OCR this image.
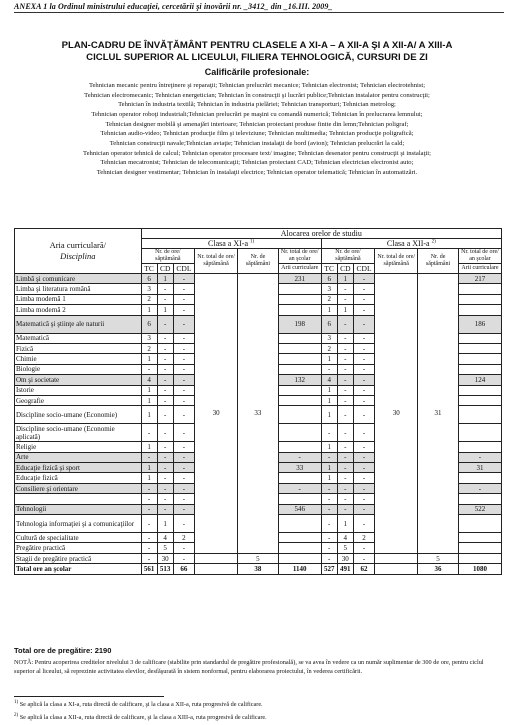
ANEXA 1 la Ordinul ministrului educaţiei, cercetării şi inovării nr. _3412_ din _16.III. 2009_
PLAN-CADRU DE ÎNVĂŢĂMÂNT PENTRU CLASELE A XI-A – A XII-A ŞI A XII-A/ A XIII-A
CICLUL SUPERIOR AL LICEULUI, FILIERA TEHNOLOGICĂ, CURSURI DE ZI
Calificările profesionale:
Tehnician mecanic pentru întreţinere şi reparaţii; Tehnician prelucrări mecanice; Tehnician electronist; Tehnician electrotehnist;
Tehnician electromecanic; Tehnician energetician; Tehnician în construcţii şi lucrări publice;Tehnician instalator pentru construcţii;
Tehnician în industria textilă; Tehnician în industria pielăriei; Tehnician transporturi; Tehnician metrolog;
Tehnician operator roboţi industriali;Tehnician prelucrări pe maşini cu comandă numerică; Tehnician în prelucrarea lemnului;
Tehnician designer mobilă şi amenajări interioare; Tehnician proiectant produse finite din lemn;Tehnician poligraf;
Tehnician audio-video; Tehnician producţie film şi televiziune; Tehnician multimedia; Tehnician producţie poligrafică;
Tehnician construcţii navale;Tehnician aviaţie; Tehnician instalaţii de bord (avion); Tehnician prelucrări la cald;
Tehnician operator tehnică de calcul; Tehnician operator procesare text/ imagine; Tehnician desenator pentru construcţii şi instalaţii;
Tehnician mecatronist; Tehnician de telecomunicaţii; Tehnician proiectant CAD; Tehnician electrician electronist auto;
Tehnician designer vestimentar; Tehnician în instalaţii electrice; Tehnician operator telematică; Tehnician în automatizări.
Aria curriculară/
Disciplina	Alocarea orelor de studiu											
	Clasa a XI-a $^{1)}$						Clasa a XII-a $^{2)}$
	Nr. de ore/ săptămână			Nr. total de ore/ săptămână	Nr. de săptămâni	Nr. total de ore/ an şcolar	Nr. de ore/ săptămână			Nr. total de ore/ săptămână	Nr. de săptămâni	Nr. total de ore/ an şcolar
	TC	CD	CDL			Arii curriculare	TC	CD	CDL			Arii curriculare
Limbă şi comunicare	6	1	-	30	33	231	6	1	-	30	31	217
Limba şi literatura română	3	-	-				3	-	-			
Limba modernă 1	2	-	-				2	-	-			
Limba modernă 2	1	1	-				1	1	-			
Matematică şi ştiinţe ale naturii	6	-	-			198	6	-	-			186
Matematică	3	-	-				3	-	-			
Fizică	2	-	-				2	-	-			
Chimie	1	-	-				1	-	-			
Biologie	-	-	-				-	-	-			
Om şi societate	4	-	-			132	4	-	-			124
Istorie	1	-	-				1	-	-			
Geografie	1	-	-				1	-	-			
Discipline socio-umane (Economie)	1	-	-				1	-	-			
Discipline socio-umane (Economie aplicată)	-	-	-				-	-	-			
Religie	1	-	-				1	-	-			
Arte	-	-	-			-	-	-	-			-
Educaţie fizică şi sport	1	-	-			33	1	-	-			31
Educaţie fizică	1	-	-				1	-	-			
Consiliere şi orientare	-	-	-			-	-	-	-			-
	-	-	-				-	-	-			
Tehnologii	-	-	-			546	-	-	-			522
Tehnologia informaţiei şi a comunicaţiilor	-	1	-				-	1	-			
Cultură de specialitate	-	4	2				-	4	2			
Pregătire practică	-	5	-				-	5	-			
Stagii de pregătire practică	-	30	-		5		-	30	-		5	
Total ore an şcolar	561	513	66		38	1140	527	491	62		36	1080
Total ore de pregătire: 2190
NOTĂ: Pentru acoperirea creditelor nivelului 3 de calificare (stabilite prin standardul de pregătire profesională), se va avea în vedere ca un număr suplimentar de 300 de ore, pentru ciclul superior al liceului, să reprezinte activitatea elevilor, desfăşurată în sistem nonformal, pentru elaborarea proiectului, în vederea certificării.
$^{1)}$ Se aplică la clasa a XI-a, ruta directă de calificare, şi la clasa a XII-a, ruta progresivă de calificare.
$^{2)}$ Se aplică la clasa a XII-a, ruta directă de calificare, şi la clasa a XIII-a, ruta progresivă de calificare.
